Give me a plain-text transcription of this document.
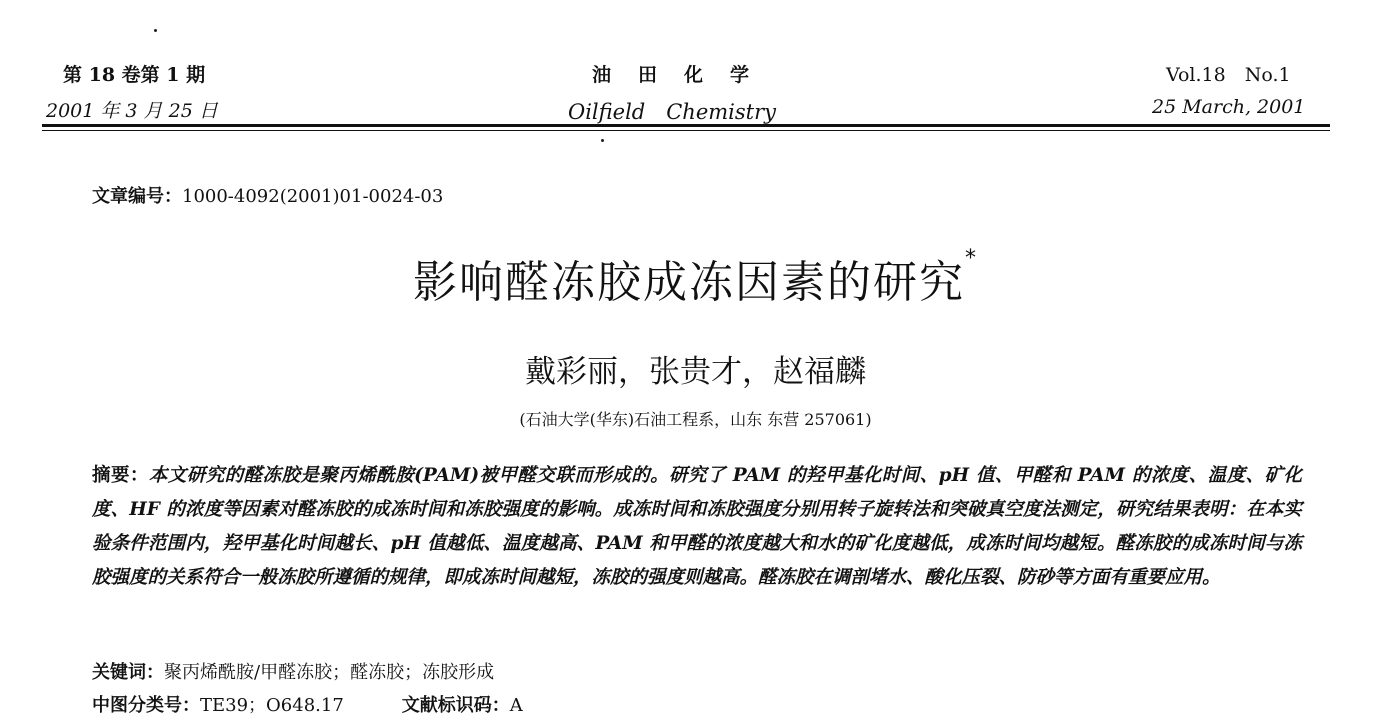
第 18 卷第 1 期
2001 年 3 月 25 日
油　田　化　学
Oilfield　Chemistry
Vol.18　No.1
25 March, 2001
文章编号：1000-4092(2001)01-0024-03
影响醛冻胶成冻因素的研究*
戴彩丽，张贵才，赵福麟
(石油大学(华东)石油工程系，山东 东营 257061)
摘要：本文研究的醛冻胶是聚丙烯酰胺(PAM)被甲醛交联而形成的。研究了 PAM 的羟甲基化时间、pH 值、甲醛和 PAM 的浓度、温度、矿化度、HF 的浓度等因素对醛冻胶的成冻时间和冻胶强度的影响。成冻时间和冻胶强度分别用转子旋转法和突破真空度法测定，研究结果表明：在本实验条件范围内，羟甲基化时间越长、pH 值越低、温度越高、PAM 和甲醛的浓度越大和水的矿化度越低，成冻时间均越短。醛冻胶的成冻时间与冻胶强度的关系符合一般冻胶所遵循的规律，即成冻时间越短，冻胶的强度则越高。醛冻胶在调剖堵水、酸化压裂、防砂等方面有重要应用。
关键词：聚丙烯酰胺/甲醛冻胶；醛冻胶；冻胶形成
中图分类号：TE39；O648.17	文献标识码：A
